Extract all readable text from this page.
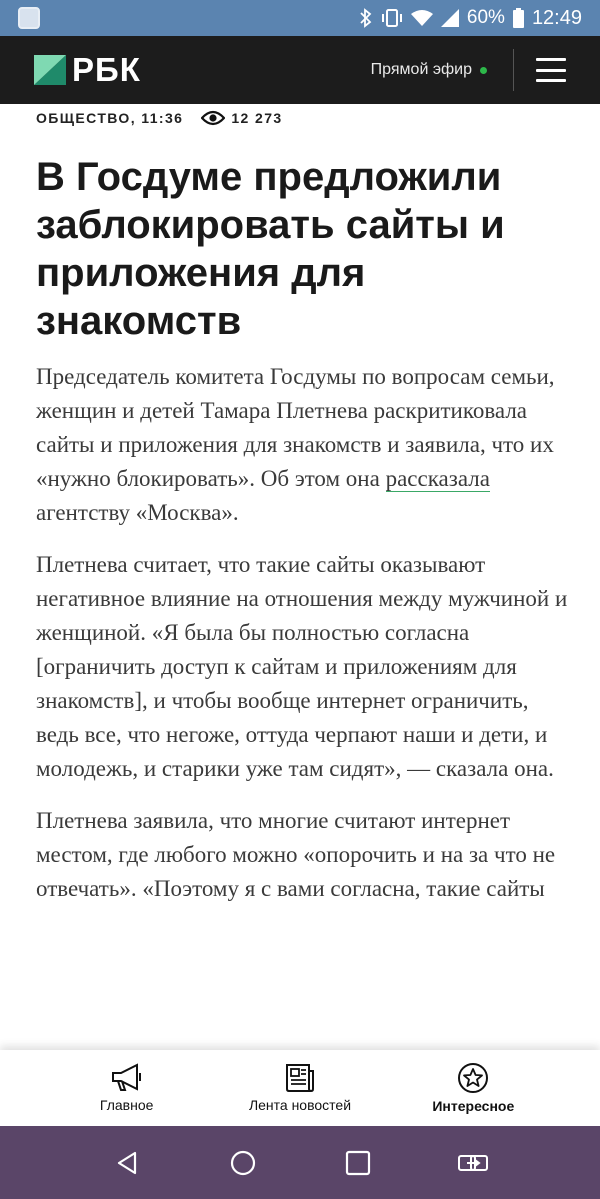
60% 12:49
РБК	Прямой эфир
ОБЩЕСТВО, 11:36	12 273
В Госдуме предложили заблокировать сайты и приложения для знакомств

Председатель комитета Госдумы по вопросам семьи, женщин и детей Тамара Плетнева раскритиковала сайты и приложения для знакомств и заявила, что их «нужно блокировать». Об этом она рассказала агентству «Москва».

Плетнева считает, что такие сайты оказывают негативное влияние на отношения между мужчиной и женщиной. «Я была бы полностью согласна [ограничить доступ к сайтам и приложениям для знакомств], и чтобы вообще интернет ограничить, ведь все, что негоже, оттуда черпают наши и дети, и молодежь, и старики уже там сидят», — сказала она.

Плетнева заявила, что многие считают интернет местом, где любого можно «опорочить и на за что не отвечать». «Поэтому я с вами согласна, такие сайты

Главное	Лента новостей	Интересное
